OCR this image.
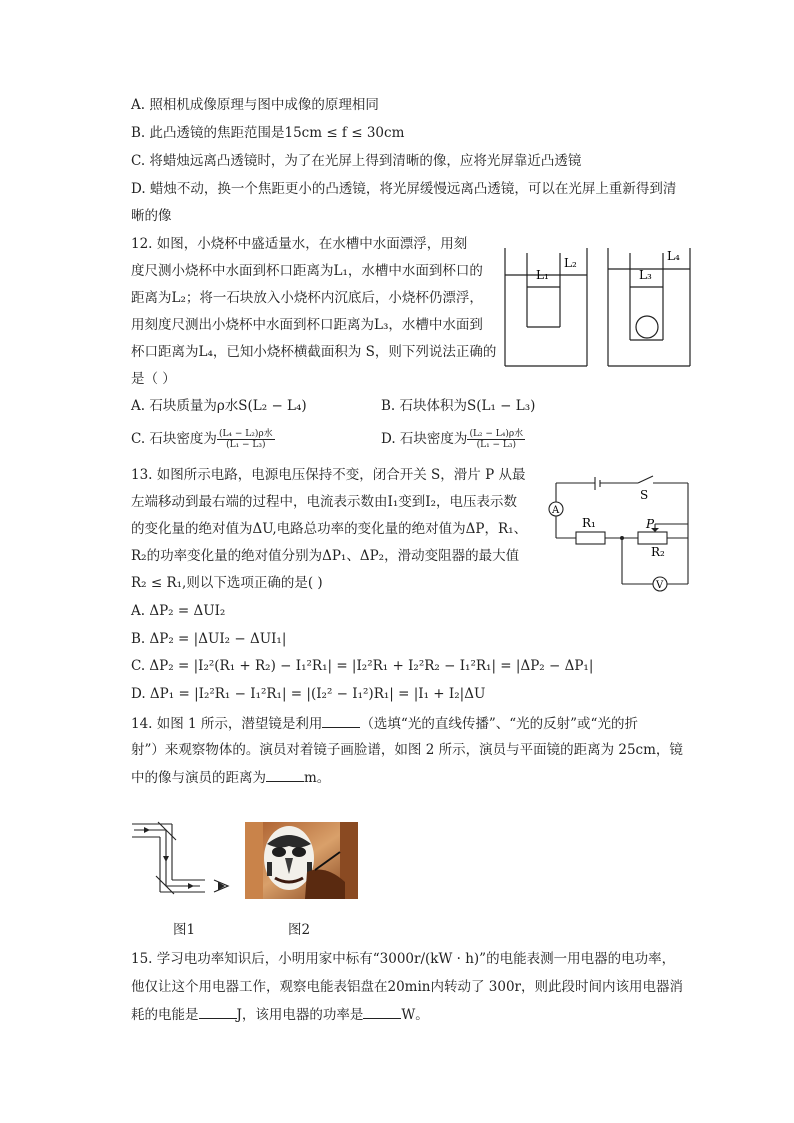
A. 照相机成像原理与图中成像的原理相同
B. 此凸透镜的焦距范围是15cm ≤ f ≤ 30cm
C. 将蜡烛远离凸透镜时，为了在光屏上得到清晰的像，应将光屏靠近凸透镜
D. 蜡烛不动，换一个焦距更小的凸透镜，将光屏缓慢远离凸透镜，可以在光屏上重新得到清
晰的像
12. 如图，小烧杯中盛适量水，在水槽中水面漂浮，用刻
度尺测小烧杯中水面到杯口距离为L₁，水槽中水面到杯口的
距离为L₂；将一石块放入小烧杯内沉底后，小烧杯仍漂浮，
用刻度尺测出小烧杯中水面到杯口距离为L₃，水槽中水面到
杯口距离为L₄，已知小烧杯横截面积为 S，则下列说法正确的
是（ ）
L₁
L₂
L₃
L₄
A. 石块质量为ρ水S(L₂ − L₄)	B. 石块体积为S(L₁ − L₃)
C. 石块密度为 $\frac{\text{(L₄ − L₂)ρ水}}{\text{(L₁ − L₃)}}$	D. 石块密度为 $\frac{\text{(L₂ − L₄)ρ水}}{\text{(L₁ − L₃)}}$
13. 如图所示电路，电源电压保持不变，闭合开关 S，滑片 P 从最
左端移动到最右端的过程中，电流表示数由I₁变到I₂，电压表示数
的变化量的绝对值为ΔU,电路总功率的变化量的绝对值为ΔP，R₁、
R₂的功率变化量的绝对值分别为ΔP₁、ΔP₂，滑动变阻器的最大值
R₂ ≤ R₁,则以下选项正确的是( )
A
S
R₁	P
R₂
V
A. ΔP₂ = ΔUI₂
B. ΔP₂ = |ΔUI₂ − ΔUI₁|
C. ΔP₂ = |I₂²(R₁ + R₂) − I₁²R₁| = |I₂²R₁ + I₂²R₂ − I₁²R₁| = |ΔP₂ − ΔP₁|
D. ΔP₁ = |I₂²R₁ − I₁²R₁| = |(I₂² − I₁²)R₁| = |I₁ + I₂|ΔU
14. 如图 1 所示，潜望镜是利用	（选填“光的直线传播”、“光的反射”或“光的折
射”）来观察物体的。演员对着镜子画脸谱，如图 2 所示，演员与平面镜的距离为 25cm，镜
中的像与演员的距离为	m。
图1	图2
15. 学习电功率知识后，小明用家中标有“3000r/(kW · h)”的电能表测一用电器的电功率，
他仅让这个用电器工作，观察电能表铝盘在20min内转动了 300r，则此段时间内该用电器消
耗的电能是	J，该用电器的功率是	W。
